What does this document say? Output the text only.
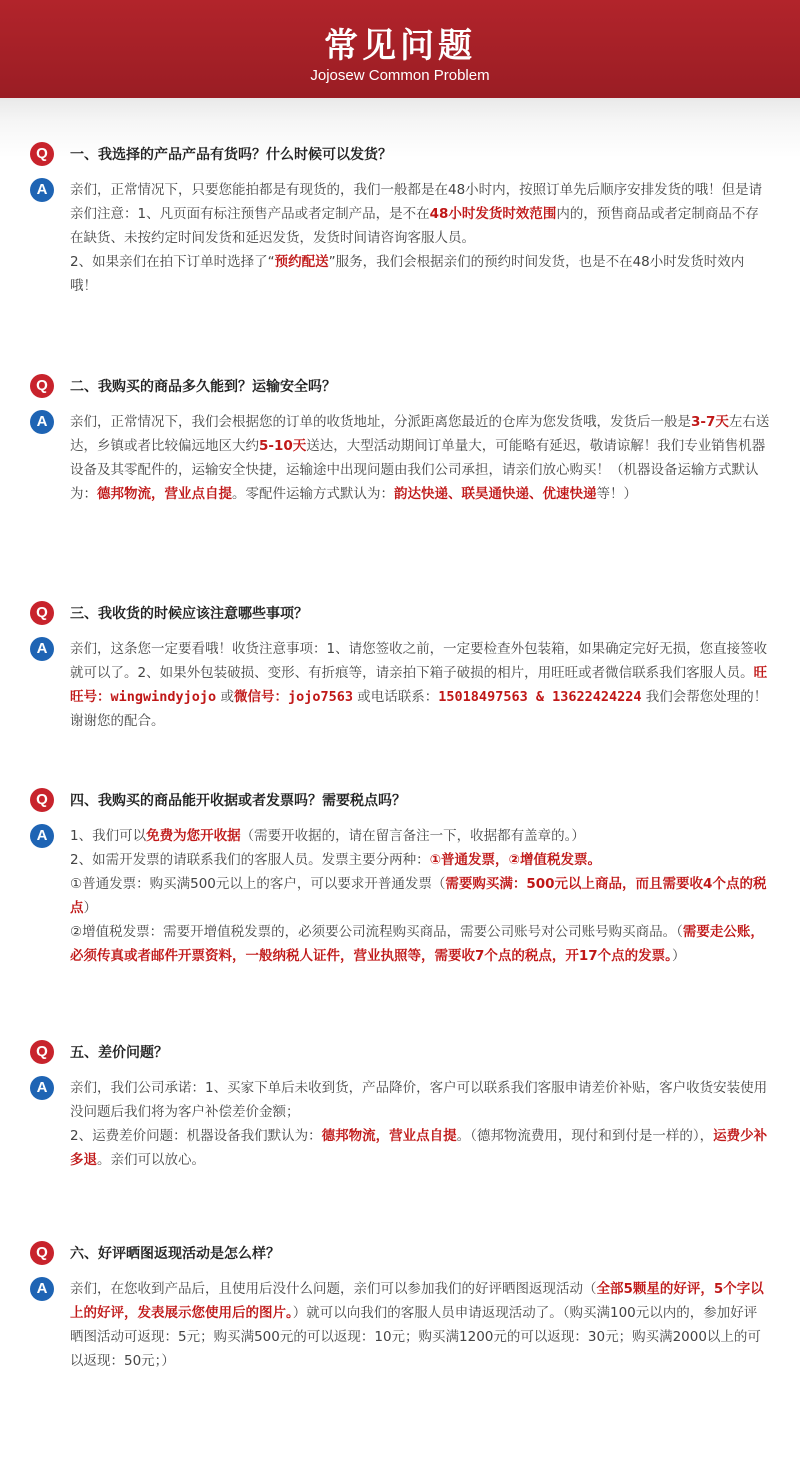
常见问题
Jojosew Common Problem
Q	一、我选择的产品产品有货吗？什么时候可以发货？
A	亲们，正常情况下，只要您能拍都是有现货的，我们一般都是在48小时内，按照订单先后顺序安排发货的哦！但是请亲们注意：1、凡页面有标注预售产品或者定制产品，是不在48小时发货时效范围内的，预售商品或者定制商品不存在缺货、未按约定时间发货和延迟发货，发货时间请咨询客服人员。

2、如果亲们在拍下订单时选择了“预约配送”服务，我们会根据亲们的预约时间发货，也是不在48小时发货时效内哦！

Q	二、我购买的商品多久能到？运输安全吗？
A	亲们，正常情况下，我们会根据您的订单的收货地址，分派距离您最近的仓库为您发货哦，发货后一般是3-7天左右送达，乡镇或者比较偏远地区大约5-10天送达，大型活动期间订单量大，可能略有延迟，敬请谅解！我们专业销售机器设备及其零配件的，运输安全快捷，运输途中出现问题由我们公司承担，请亲们放心购买！（机器设备运输方式默认为：德邦物流，营业点自提。零配件运输方式默认为：韵达快递、联昊通快递、优速快递等！）

Q	三、我收货的时候应该注意哪些事项？
A	亲们，这条您一定要看哦！收货注意事项：1、请您签收之前，一定要检查外包装箱，如果确定完好无损，您直接签收就可以了。2、如果外包装破损、变形、有折痕等，请亲拍下箱子破损的相片，用旺旺或者微信联系我们客服人员。旺旺号：wingwindyjojo 或微信号：jojo7563 或电话联系：15018497563 & 13622424224 我们会帮您处理的！谢谢您的配合。

Q	四、我购买的商品能开收据或者发票吗？需要税点吗？
A	1、我们可以免费为您开收据（需要开收据的，请在留言备注一下，收据都有盖章的。）

2、如需开发票的请联系我们的客服人员。发票主要分两种：①普通发票，②增值税发票。

①普通发票：购买满500元以上的客户，可以要求开普通发票（需要购买满：500元以上商品，而且需要收4个点的税点）

②增值税发票：需要开增值税发票的，必须要公司流程购买商品，需要公司账号对公司账号购买商品。（需要走公账，必须传真或者邮件开票资料，一般纳税人证件，营业执照等，需要收7个点的税点，开17个点的发票。）

Q	五、差价问题？
A	亲们，我们公司承诺：1、买家下单后未收到货，产品降价，客户可以联系我们客服申请差价补贴，客户收货安装使用没问题后我们将为客户补偿差价金额；

2、运费差价问题：机器设备我们默认为：德邦物流，营业点自提。（德邦物流费用，现付和到付是一样的），运费少补多退。亲们可以放心。

Q	六、好评晒图返现活动是怎么样？
A	亲们，在您收到产品后，且使用后没什么问题，亲们可以参加我们的好评晒图返现活动（全部5颗星的好评，5个字以上的好评，发表展示您使用后的图片。）就可以向我们的客服人员申请返现活动了。（购买满100元以内的，参加好评晒图活动可返现：5元；购买满500元的可以返现：10元；购买满1200元的可以返现：30元；购买满2000以上的可以返现：50元；）
